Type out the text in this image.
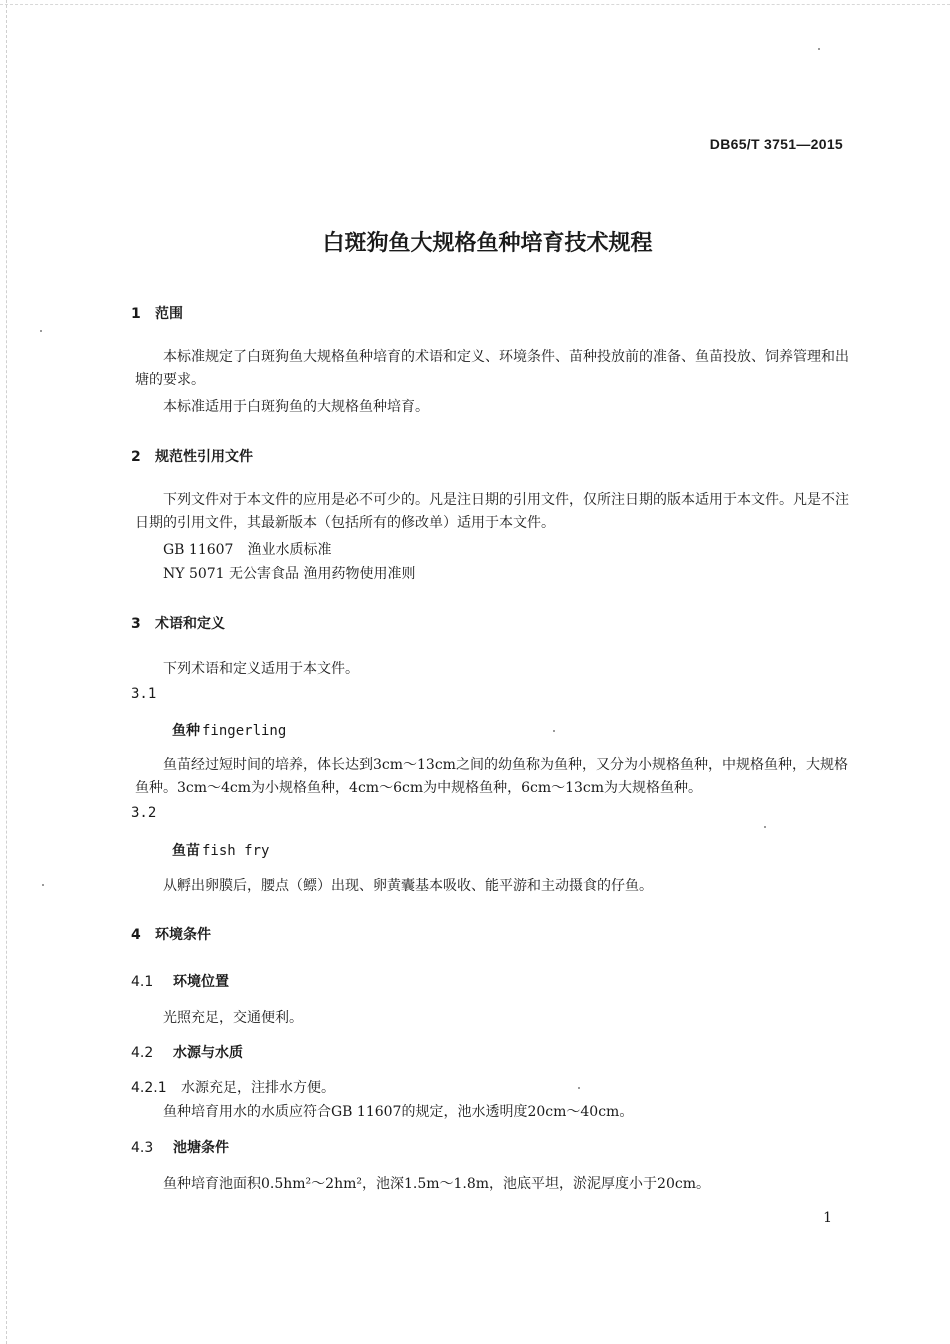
DB65/T 3751—2015
白斑狗鱼大规格鱼种培育技术规程
1 范围
本标准规定了白斑狗鱼大规格鱼种培育的术语和定义、环境条件、苗种投放前的准备、鱼苗投放、饲养管理和出塘的要求。
本标准适用于白斑狗鱼的大规格鱼种培育。
2 规范性引用文件
下列文件对于本文件的应用是必不可少的。凡是注日期的引用文件，仅所注日期的版本适用于本文件。凡是不注日期的引用文件，其最新版本（包括所有的修改单）适用于本文件。
GB 11607　渔业水质标准
NY 5071 无公害食品 渔用药物使用准则
3 术语和定义
下列术语和定义适用于本文件。
3.1
鱼种 fingerling
鱼苗经过短时间的培养，体长达到3cm～13cm之间的幼鱼称为鱼种，又分为小规格鱼种，中规格鱼种，大规格鱼种。3cm～4cm为小规格鱼种，4cm～6cm为中规格鱼种，6cm～13cm为大规格鱼种。
3.2
鱼苗 fish fry
从孵出卵膜后，腰点（鳔）出现、卵黄囊基本吸收、能平游和主动摄食的仔鱼。
4 环境条件
4.1 环境位置
光照充足，交通便利。
4.2 水源与水质
4.2.1 水源充足，注排水方便。
鱼种培育用水的水质应符合GB 11607的规定，池水透明度20cm～40cm。
4.3 池塘条件
鱼种培育池面积0.5hm²～2hm²，池深1.5m～1.8m，池底平坦，淤泥厚度小于20cm。
1
